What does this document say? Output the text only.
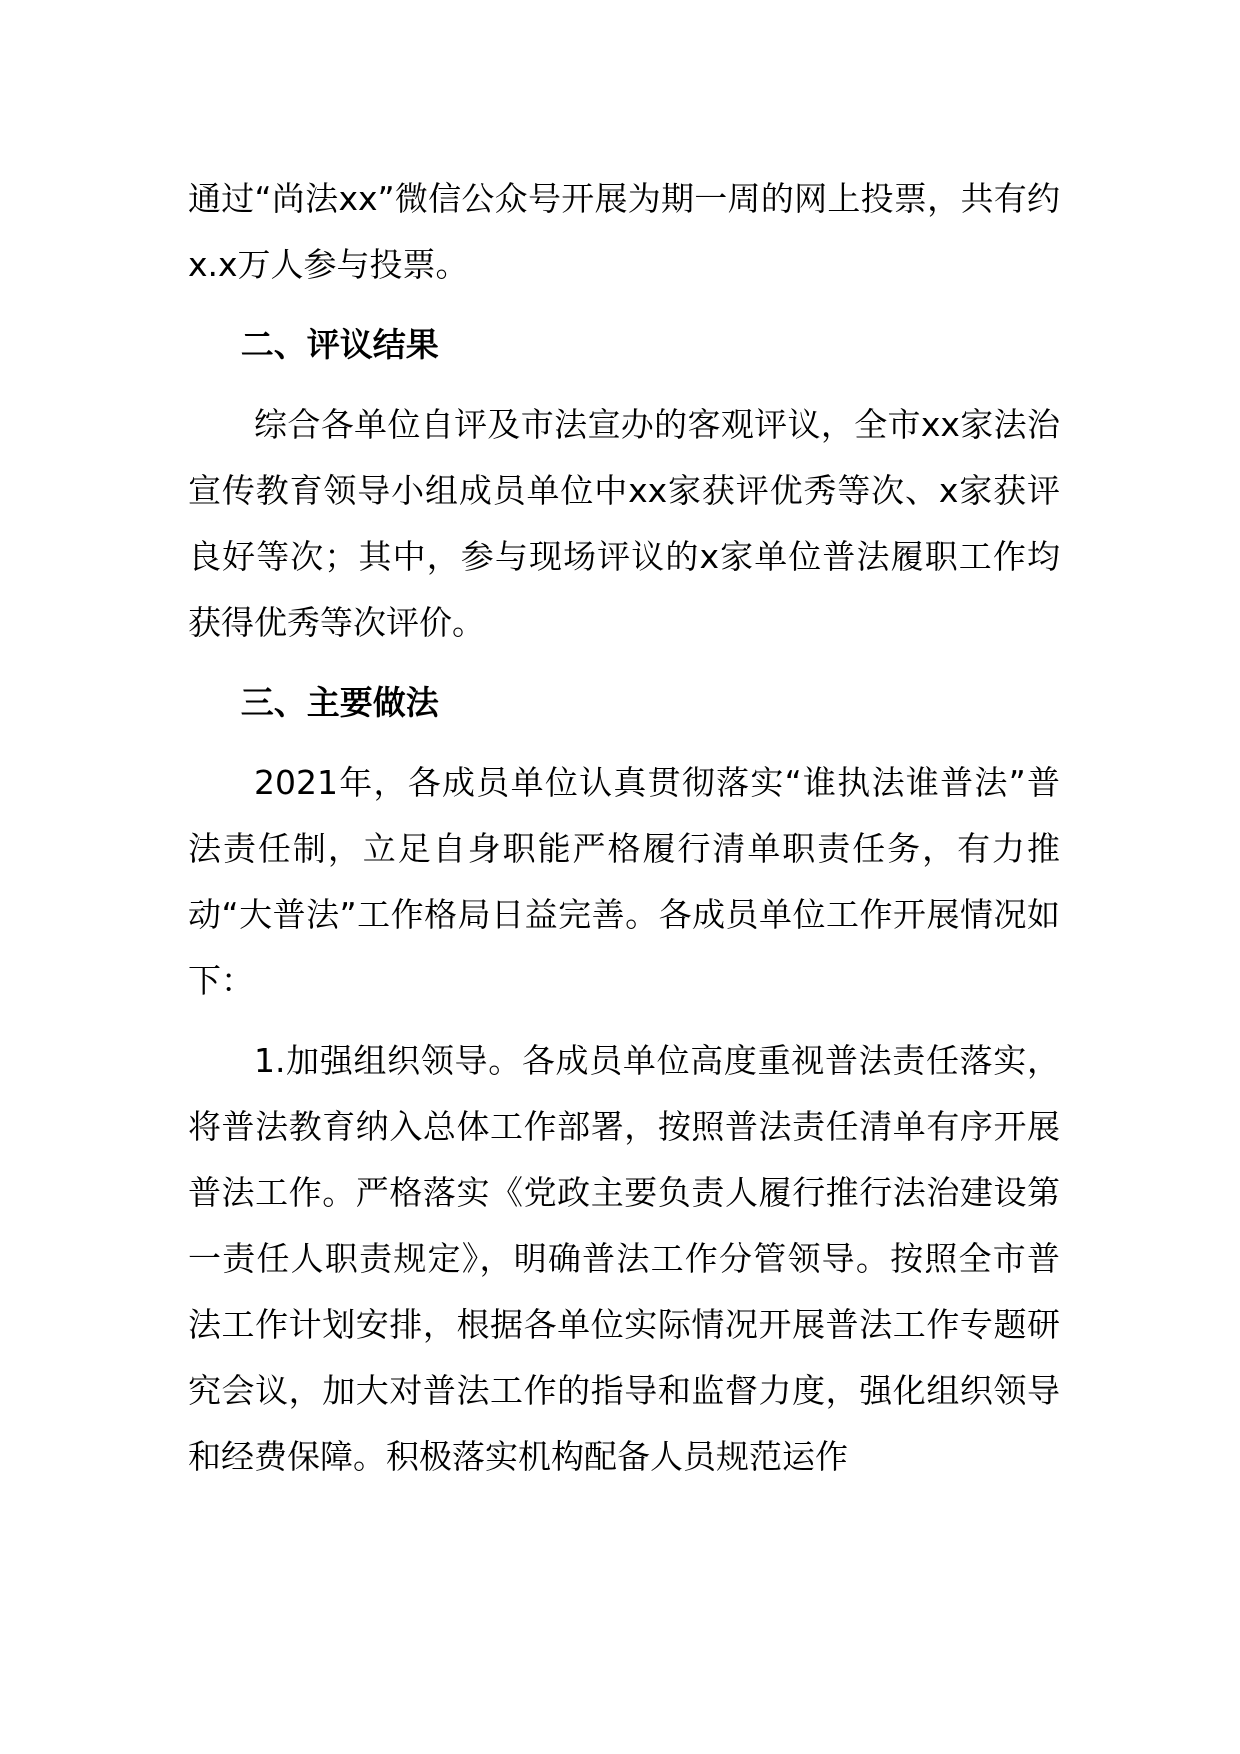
通过“尚法xx”微信公众号开展为期一周的网上投票，共有约x.x万人参与投票。

二、评议结果

综合各单位自评及市法宣办的客观评议，全市xx家法治宣传教育领导小组成员单位中xx家获评优秀等次、x家获评良好等次；其中，参与现场评议的x家单位普法履职工作均获得优秀等次评价。

三、主要做法

2021年，各成员单位认真贯彻落实“谁执法谁普法”普法责任制，立足自身职能严格履行清单职责任务，有力推动“大普法”工作格局日益完善。各成员单位工作开展情况如下：

1.加强组织领导。各成员单位高度重视普法责任落实，将普法教育纳入总体工作部署，按照普法责任清单有序开展普法工作。严格落实《党政主要负责人履行推行法治建设第一责任人职责规定》，明确普法工作分管领导。按照全市普法工作计划安排，根据各单位实际情况开展普法工作专题研究会议，加大对普法工作的指导和监督力度，强化组织领导和经费保障。积极落实机构配备人员规范运作
